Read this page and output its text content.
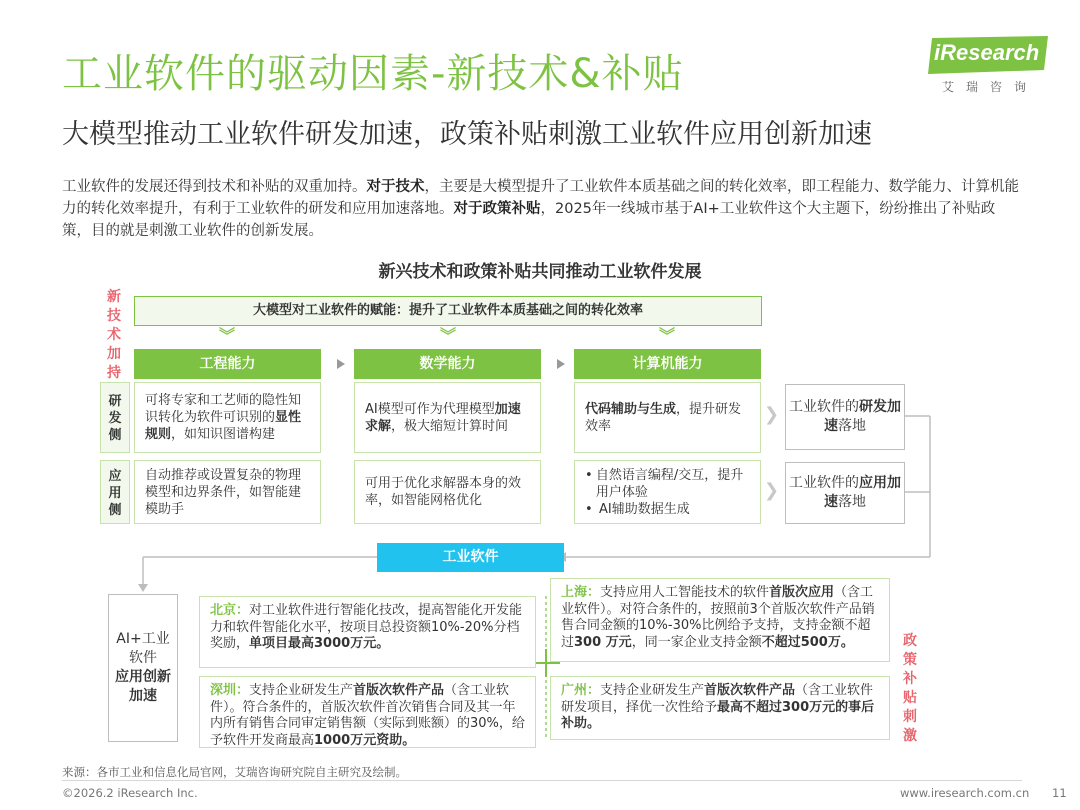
工业软件的驱动因素-新技术&补贴	iResearch
艾瑞咨询
大模型推动工业软件研发加速，政策补贴刺激工业软件应用创新加速
工业软件的发展还得到技术和补贴的双重加持。对于技术，主要是大模型提升了工业软件本质基础之间的转化效率，即工程能力、数学能力、计算机能力的转化效率提升，有利于工业软件的研发和应用加速落地。对于政策补贴，2025年一线城市基于AI+工业软件这个大主题下，纷纷推出了补贴政策，目的就是刺激工业软件的创新发展。
新兴技术和政策补贴共同推动工业软件发展
新
技
术
加
持
政
策
补
贴
刺
激
大模型对工业软件的赋能：提升了工业软件本质基础之间的转化效率
︾	︾	︾
工程能力	数学能力	计算机能力
研
发
侧
应
用
侧
可将专家和工艺师的隐性知识转化为软件可识别的显性规则，如知识图谱构建
AI模型可作为代理模型加速求解，极大缩短计算时间
代码辅助与生成，提升研发效率
自动推荐或设置复杂的物理模型和边界条件，如智能建模助手
可用于优化求解器本身的效率，如智能网格优化
• 自然语言编程/交互，提升用户体验
• AI辅助数据生成
❯
❯
工业软件的研发加速落地
工业软件的应用加速落地
工业软件
AI+工业软件
应用创新加速
北京：对工业软件进行智能化技改，提高智能化开发能力和软件智能化水平，按项目总投资额10%-20%分档奖励，单项目最高3000万元。
深圳：支持企业研发生产首版次软件产品（含工业软件）。符合条件的，首版次软件首次销售合同及其一年内所有销售合同审定销售额（实际到账额）的30%，给予软件开发商最高1000万元资助。
上海：支持应用人工智能技术的软件首版次应用（含工业软件）。对符合条件的，按照前3个首版次软件产品销售合同金额的10%-30%比例给予支持，支持金额不超过300 万元，同一家企业支持金额不超过500万。
广州：支持企业研发生产首版次软件产品（含工业软件研发项目，择优一次性给予最高不超过300万元的事后补助。
来源：各市工业和信息化局官网，艾瑞咨询研究院自主研究及绘制。
©2026.2 iResearch Inc.	www.iresearch.com.cn 11
